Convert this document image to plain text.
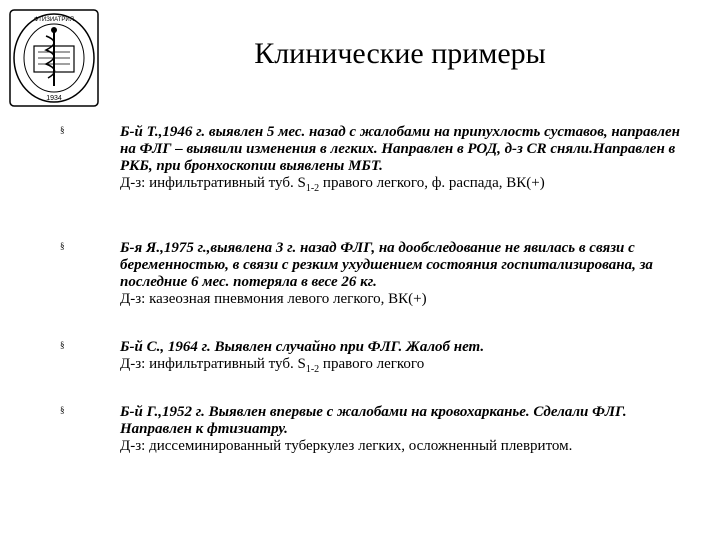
ФТИЗИАТРИЯ
1934
Клинические примеры
§	Б-й Т.,1946 г. выявлен 5 мес. назад с жалобами на припухлость суставов, направлен на ФЛГ – выявили изменения в легких. Направлен в РОД, д-з CR сняли.Направлен в РКБ, при бронхоскопии выявлены МБТ.
Д-з: инфильтративный туб. $S_{1-2}$ правого легкого, ф. распада, ВК(+)
§	Б-я Я.,1975 г.,выявлена 3 г. назад ФЛГ, на дообследование не явилась в связи с беременностью, в связи с резким ухудшением состояния госпитализирована, за последние 6 мес. потеряла в весе 26 кг.
Д-з: казеозная пневмония левого легкого, ВК(+)
§	Б-й С., 1964 г. Выявлен случайно при ФЛГ. Жалоб нет.
Д-з: инфильтративный туб. $S_{1-2}$ правого легкого
§	Б-й Г.,1952 г. Выявлен впервые с жалобами на кровохарканье. Сделали ФЛГ. Направлен к фтизиатру.
Д-з: диссеминированный туберкулез легких, осложненный плевритом.
